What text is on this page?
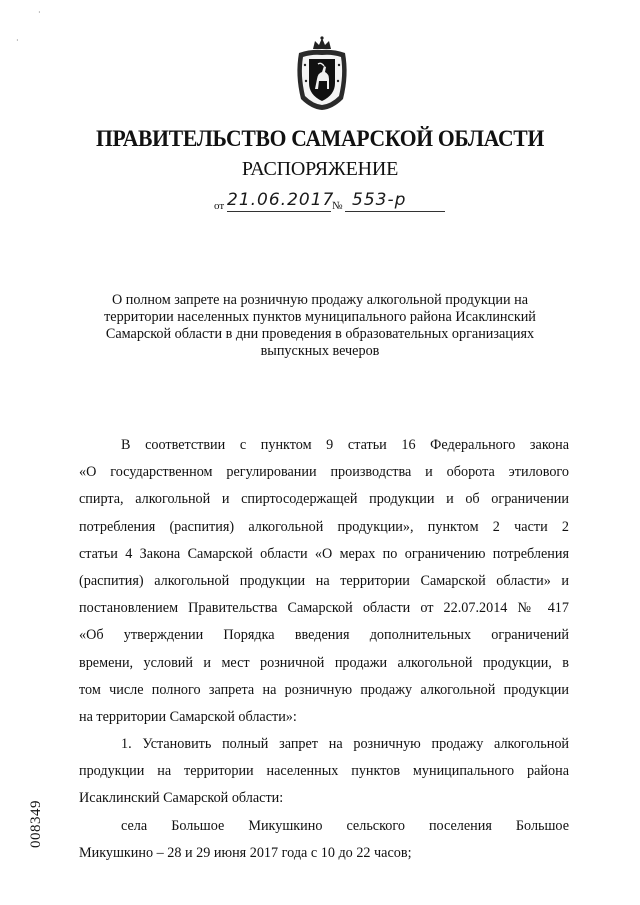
ПРАВИТЕЛЬСТВО САМАРСКОЙ ОБЛАСТИ
РАСПОРЯЖЕНИЕ
от 21.06.2017
№ 553-р
О полном запрете на розничную продажу алкогольной продукции на
территории населенных пунктов муниципального района Исаклинский
Самарской области в дни проведения в образовательных организациях
выпускных вечеров
В соответствии с пунктом 9 статьи 16 Федерального закона
«О государственном регулировании производства и оборота этилового
спирта, алкогольной и спиртосодержащей продукции и об ограничении
потребления (распития) алкогольной продукции», пунктом 2 части 2
статьи 4 Закона Самарской области «О мерах по ограничению потребления
(распития) алкогольной продукции на территории Самарской области» и
постановлением Правительства Самарской области от 22.07.2014 № 417
«Об утверждении Порядка введения дополнительных ограничений
времени, условий и мест розничной продажи алкогольной продукции, в
том числе полного запрета на розничную продажу алкогольной продукции
на территории Самарской области»:
1. Установить полный запрет на розничную продажу алкогольной
продукции на территории населенных пунктов муниципального района
Исаклинский Самарской области:
села Большое Микушкино сельского поселения Большое
Микушкино – 28 и 29 июня 2017 года с 10 до 22 часов;
008349
·
·
